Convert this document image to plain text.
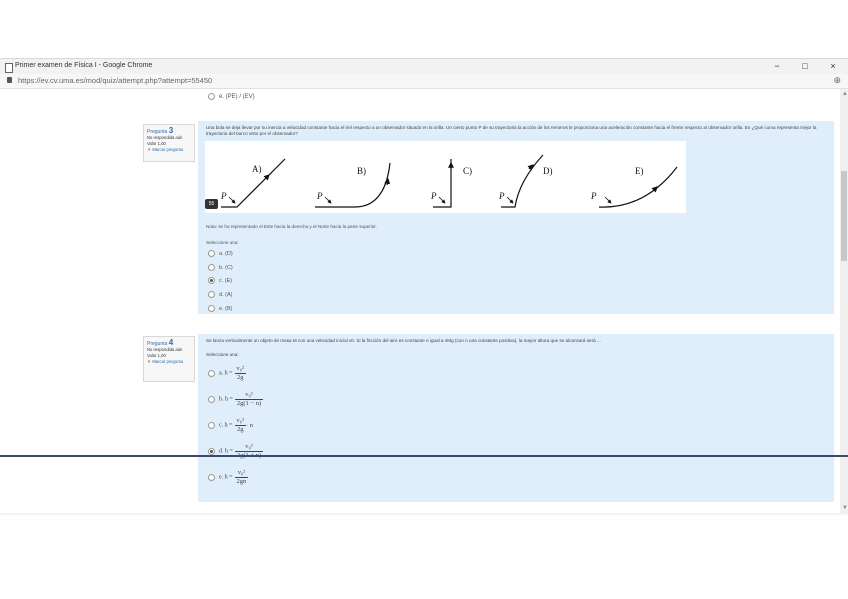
Primer examen de Física I - Google Chrome	−	□	×
https://ev.cv.uma.es/mod/quiz/attempt.php?attempt=55450	⊕
e. (PE) / (EV)
Pregunta 3
No respondida aún
Valor 1,00
▼ Marcar pregunta
Una bola se deja llevar por su inercia a velocidad constante hacia el riel respecto a un observador situado en la orilla. Un cierto punto P de su trayectoria la acción de los remeros le proporciona una aceleración constante hacia el frente respecto al observador orilla. En ¿Qué curva representa mejor la trayectoria del barco visto por el observador?
A)
P
B)
P
C)
P
D)
P
E)
P
55
Nota: se ha representado el Este hacia la derecha y el Norte hacia la parte superior.
Seleccione una:
a. (D)
b. (C)
c. (E)
d. (A)
e. (B)
Pregunta 4
No respondida aún
Valor 1,00
▼ Marcar pregunta
Se lanza verticalmente un objeto de masa M con una velocidad inicial v0. Si la fricción del aire es constante e igual a nMg (con n una constante positiva), la mayor altura que se alcanzará será ...
Seleccione una:
a. $h = \frac{\text{v₀²}}{2g}$
b. $h = \frac{\text{v₀²}}{2g(1 - n)}$
c. $h = \frac{\text{v₀²}}{2g} \cdot n$
d. h =
v₀²
e. $h = \frac{\text{v₀²}}{2gn}$
▲
▼
